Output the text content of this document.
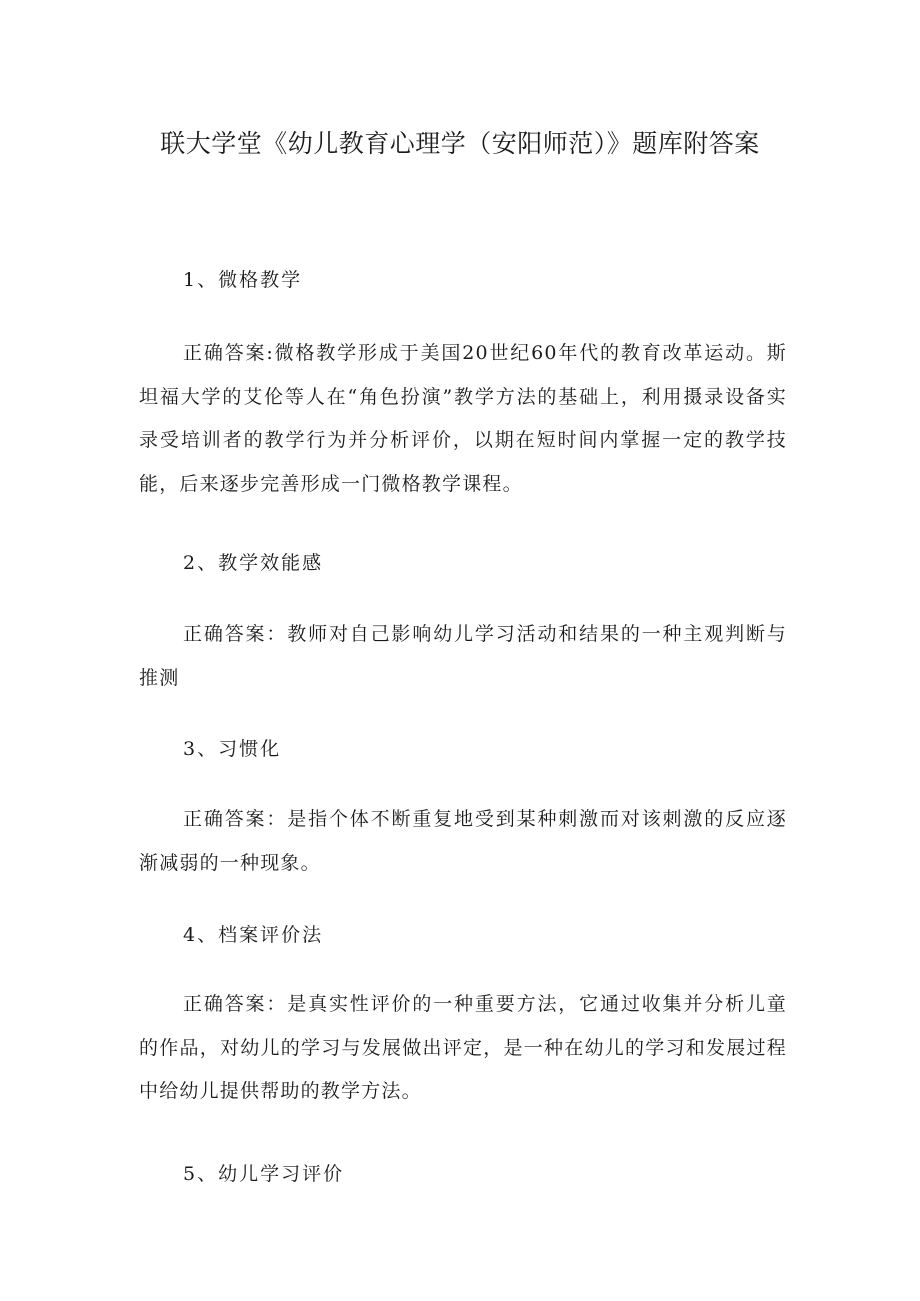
联大学堂《幼儿教育心理学（安阳师范）》题库附答案

1、微格教学

正确答案:微格教学形成于美国20世纪60年代的教育改革运动。斯坦福大学的艾伦等人在“角色扮演”教学方法的基础上，利用摄录设备实录受培训者的教学行为并分析评价，以期在短时间内掌握一定的教学技能，后来逐步完善形成一门微格教学课程。

2、教学效能感

正确答案：教师对自己影响幼儿学习活动和结果的一种主观判断与推测

3、习惯化

正确答案：是指个体不断重复地受到某种刺激而对该刺激的反应逐渐减弱的一种现象。

4、档案评价法

正确答案：是真实性评价的一种重要方法，它通过收集并分析儿童的作品，对幼儿的学习与发展做出评定，是一种在幼儿的学习和发展过程中给幼儿提供帮助的教学方法。

5、幼儿学习评价
